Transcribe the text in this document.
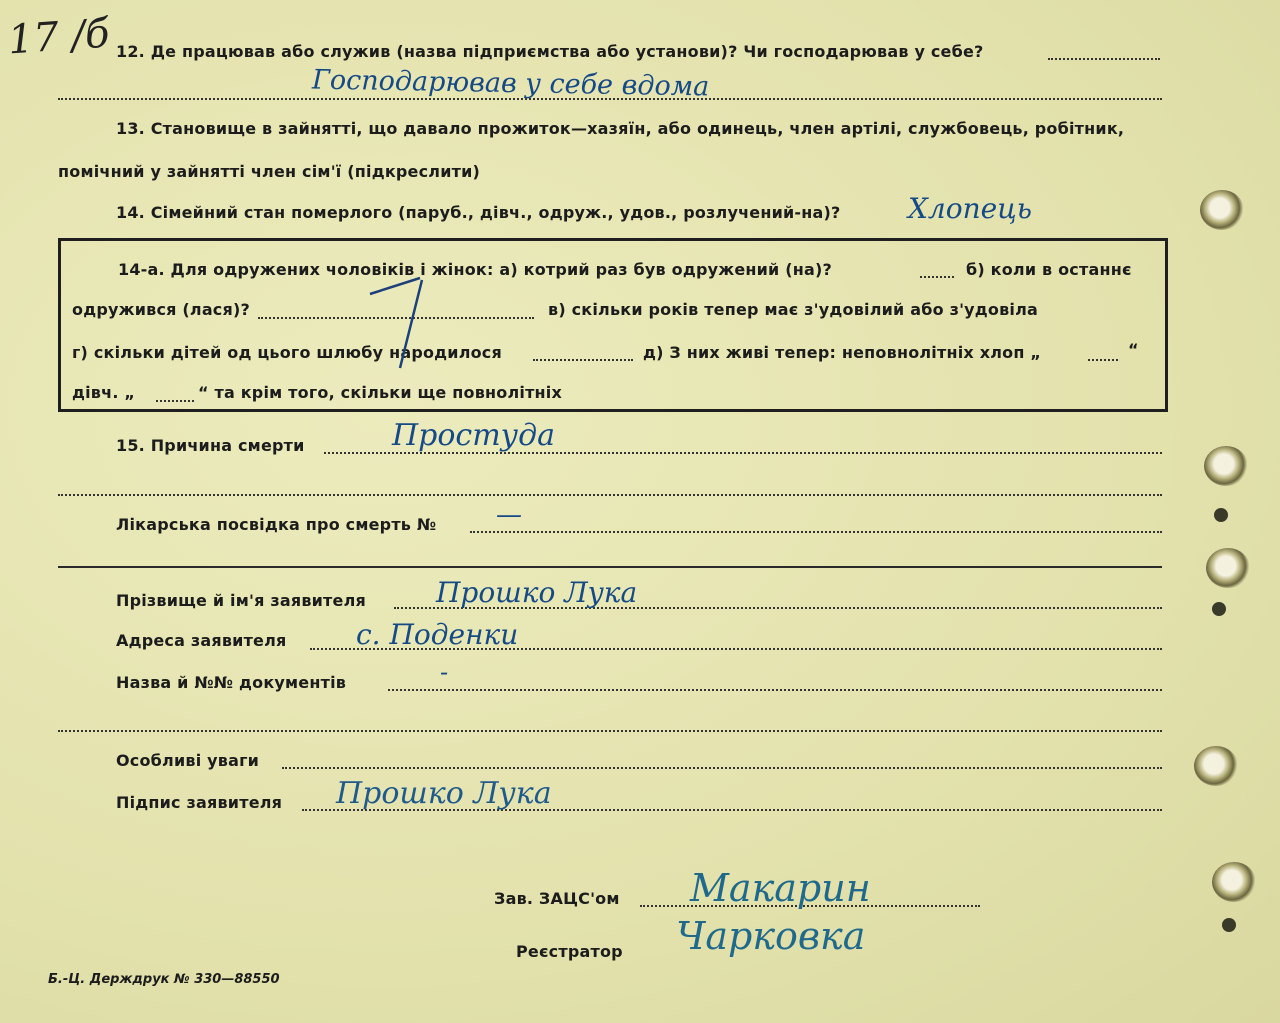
17 /б 12. Де працював або служив (назва підприємства або установи)? Чи господарював у себе?
Господарював у себе вдома
13. Становище в зайнятті, що давало прожиток—хазяїн, або одинець, член артілі, службовець, робітник,
помічний у зайнятті член сім'ї (підкреслити)
14. Сімейний стан померлого (паруб., дівч., одруж., удов., розлучений-на)? Хлопець
14-а. Для одружених чоловіків і жінок: а) котрий раз був одружений (на)?	б) коли в останнє
одружився (лася)?	в) скільки років тепер має з'удовілий або з'удовіла
г) скільки дітей од цього шлюбу народилося	д) З них живі тепер: неповнолітніх хлоп „	“
дівч. „	“ та крім того, скільки ще повнолітніх
15. Причина смерти	Простуда
Лікарська посвідка про смерть № —
Прізвище й ім'я заявителя	Прошко Лука
Адреса заявителя с. Поденки
Назва й №№ документів	-
Особливі уваги
Підпис заявителя Прошко Лука
Зав. ЗАЦС'ом Макарин
Реєстратор Чарковка
Б.-Ц. Держдрук № 330—88550
